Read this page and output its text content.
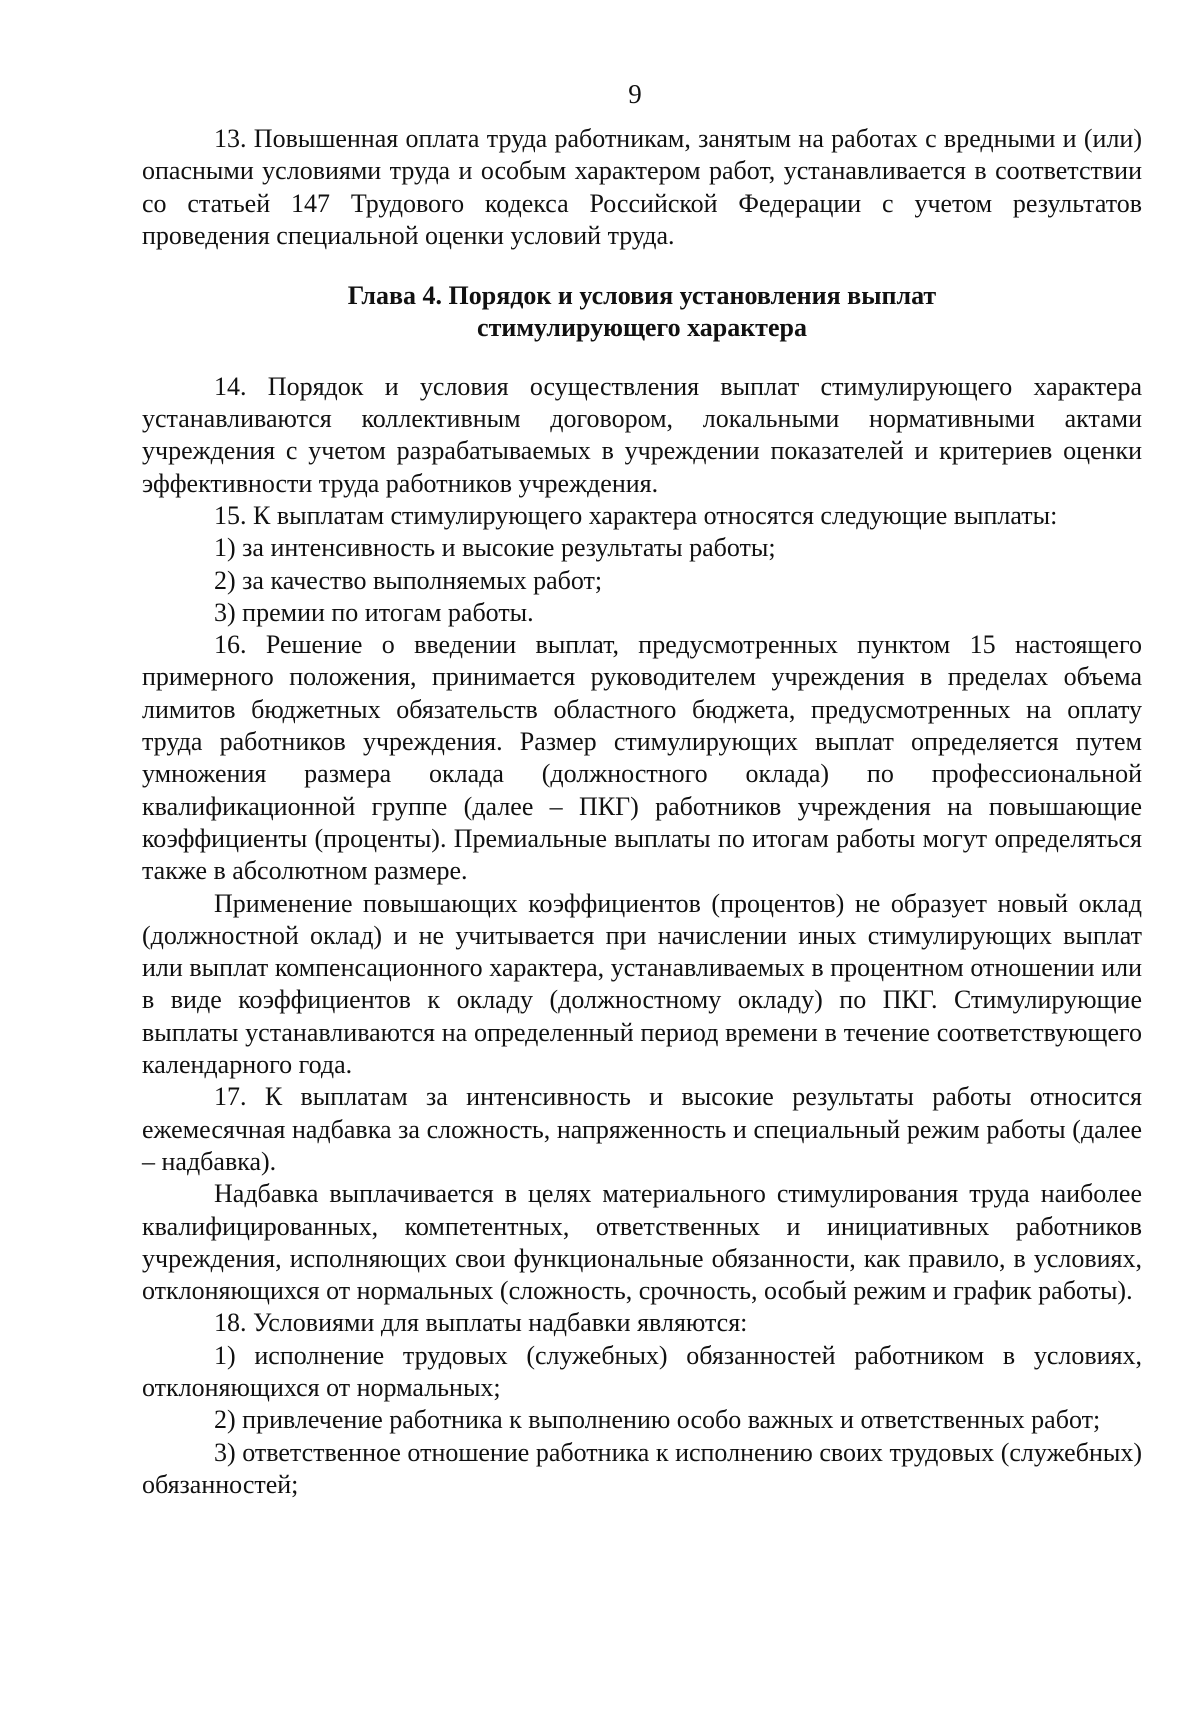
9

13. Повышенная оплата труда работникам, занятым на работах с вредными и (или) опасными условиями труда и особым характером работ, устанавливается в соответствии со статьей 147 Трудового кодекса Российской Федерации с учетом результатов проведения специальной оценки условий труда.

Глава 4. Порядок и условия установления выплат
стимулирующего характера

14. Порядок и условия осуществления выплат стимулирующего характера устанавливаются коллективным договором, локальными нормативными актами учреждения с учетом разрабатываемых в учреждении показателей и критериев оценки эффективности труда работников учреждения.

15. К выплатам стимулирующего характера относятся следующие выплаты:

1) за интенсивность и высокие результаты работы;

2) за качество выполняемых работ;

3) премии по итогам работы.

16. Решение о введении выплат, предусмотренных пунктом 15 настоящего примерного положения, принимается руководителем учреждения в пределах объема лимитов бюджетных обязательств областного бюджета, предусмотренных на оплату труда работников учреждения. Размер стимулирующих выплат определяется путем умножения размера оклада (должностного оклада) по профессиональной квалификационной группе (далее – ПКГ) работников учреждения на повышающие коэффициенты (проценты). Премиальные выплаты по итогам работы могут определяться также в абсолютном размере.

Применение повышающих коэффициентов (процентов) не образует новый оклад (должностной оклад) и не учитывается при начислении иных стимулирующих выплат или выплат компенсационного характера, устанавливаемых в процентном отношении или в виде коэффициентов к окладу (должностному окладу) по ПКГ. Стимулирующие выплаты устанавливаются на определенный период времени в течение соответствующего календарного года.

17. К выплатам за интенсивность и высокие результаты работы относится ежемесячная надбавка за сложность, напряженность и специальный режим работы (далее – надбавка).

Надбавка выплачивается в целях материального стимулирования труда наиболее квалифицированных, компетентных, ответственных и инициативных работников учреждения, исполняющих свои функциональные обязанности, как правило, в условиях, отклоняющихся от нормальных (сложность, срочность, особый режим и график работы).

18. Условиями для выплаты надбавки являются:

1) исполнение трудовых (служебных) обязанностей работником в условиях, отклоняющихся от нормальных;

2) привлечение работника к выполнению особо важных и ответственных работ;

3) ответственное отношение работника к исполнению своих трудовых (служебных) обязанностей;
